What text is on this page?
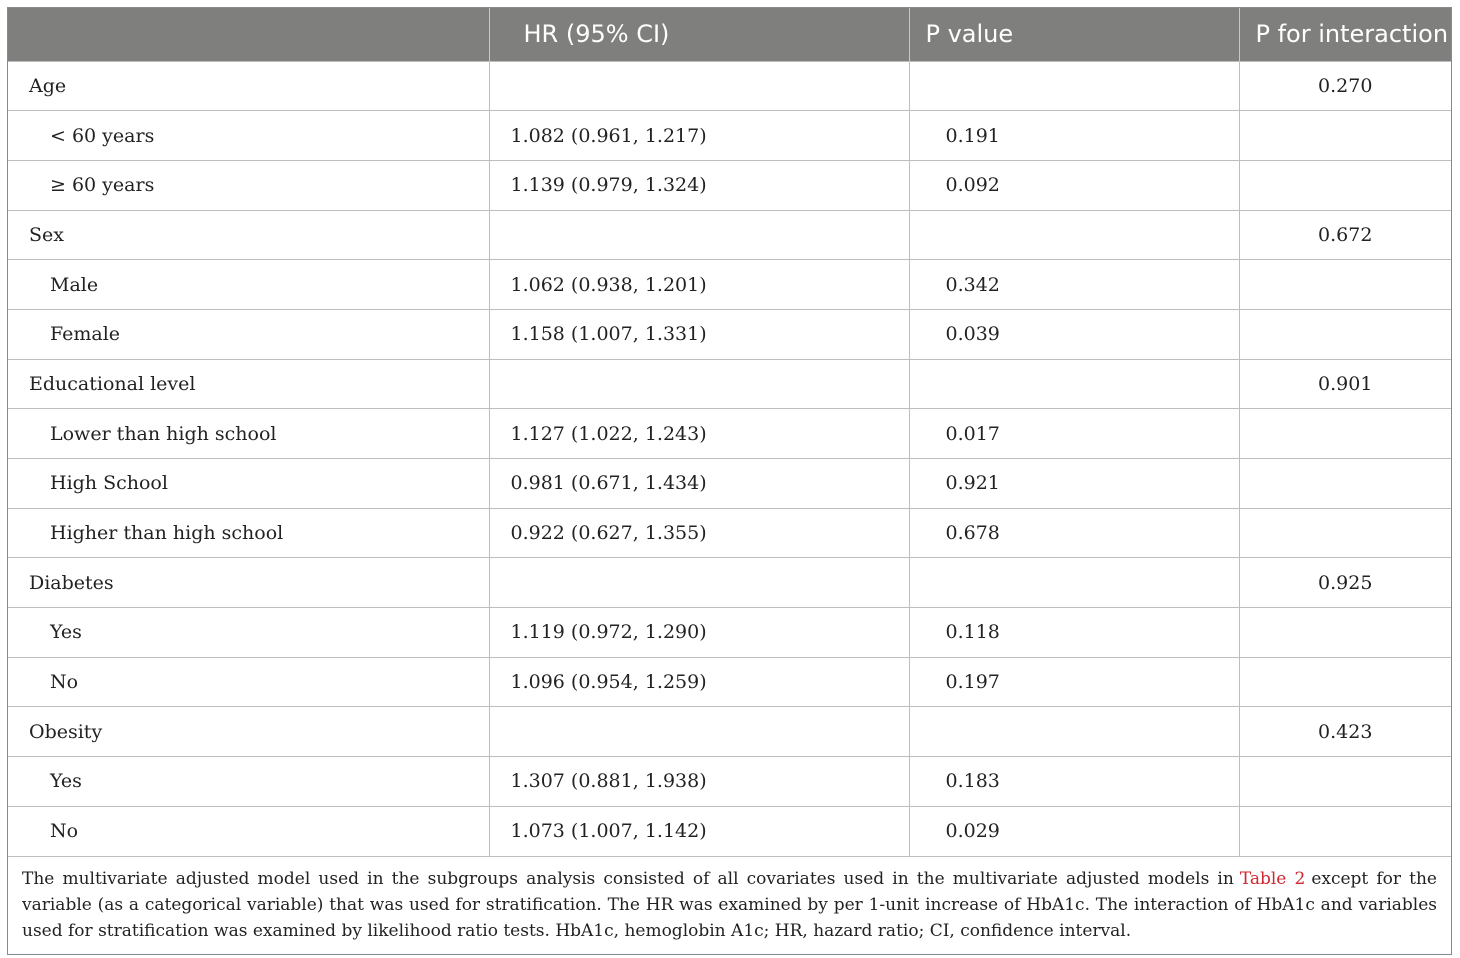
	HR (95% CI)	P value	P for interaction
Age			0.270
< 60 years	1.082 (0.961, 1.217)	0.191	
≥ 60 years	1.139 (0.979, 1.324)	0.092	
Sex			0.672
Male	1.062 (0.938, 1.201)	0.342	
Female	1.158 (1.007, 1.331)	0.039	
Educational level			0.901
Lower than high school	1.127 (1.022, 1.243)	0.017	
High School	0.981 (0.671, 1.434)	0.921	
Higher than high school	0.922 (0.627, 1.355)	0.678	
Diabetes			0.925
Yes	1.119 (0.972, 1.290)	0.118	
No	1.096 (0.954, 1.259)	0.197	
Obesity			0.423
Yes	1.307 (0.881, 1.938)	0.183	
No	1.073 (1.007, 1.142)	0.029	
The multivariate adjusted model used in the subgroups analysis consisted of all covariates used in the multivariate adjusted models in Table 2 except for the variable (as a categorical variable) that was used for stratification. The HR was examined by per 1-unit increase of HbA1c. The interaction of HbA1c and variables used for stratification was examined by likelihood ratio tests. HbA1c, hemoglobin A1c; HR, hazard ratio; CI, confidence interval.
